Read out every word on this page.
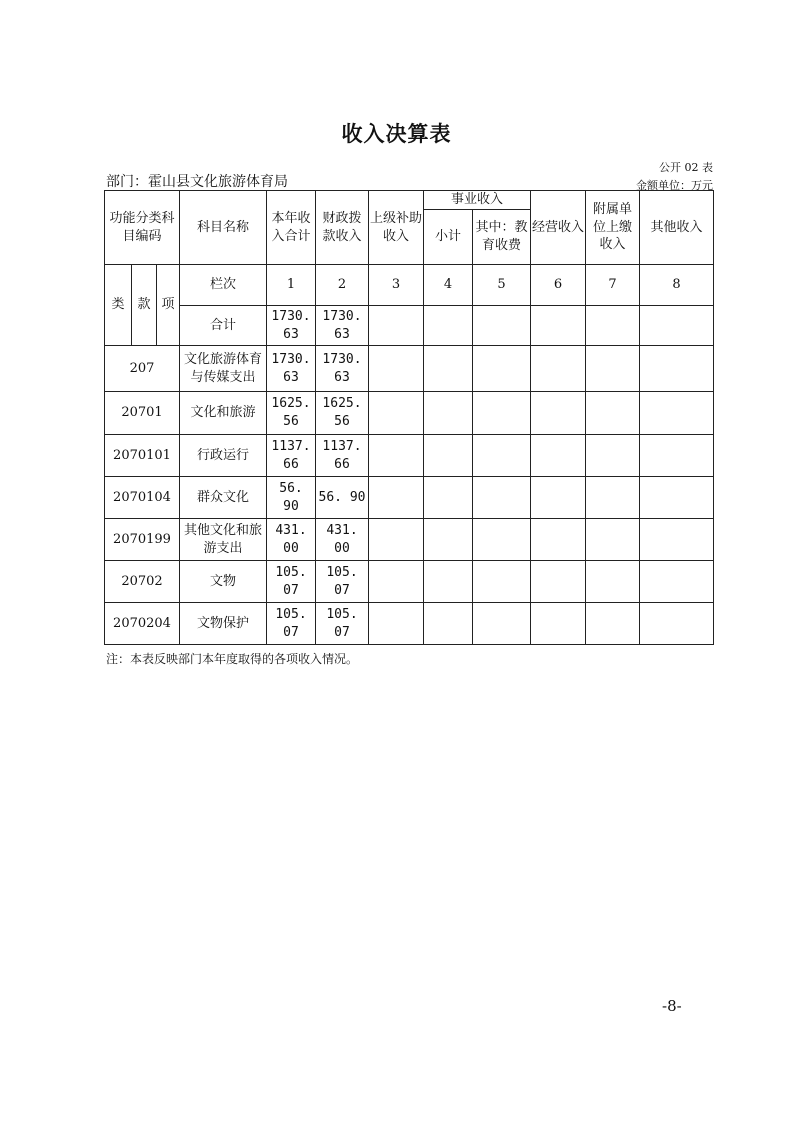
收入决算表
公开 02 表
部门：霍山县文化旅游体育局	金额单位：万元
功能分类科目编码			科目名称	本年收入合计	财政拨款收入	上级补助收入	事业收入		经营收入	附属单位上缴收入	其他收入
							小计	其中：教育收费			
类	款	项	栏次	1	2	3	4	5	6	7	8
			合计	1730. 63	1730. 63						
207			文化旅游体育与传媒支出	1730. 63	1730. 63						
20701			文化和旅游	1625. 56	1625. 56						
2070101			行政运行	1137. 66	1137. 66						
2070104			群众文化	56. 90	56. 90						
2070199			其他文化和旅游支出	431. 00	431. 00						
20702			文物	105. 07	105. 07						
2070204			文物保护	105. 07	105. 07						
注：本表反映部门本年度取得的各项收入情况。
-8-
